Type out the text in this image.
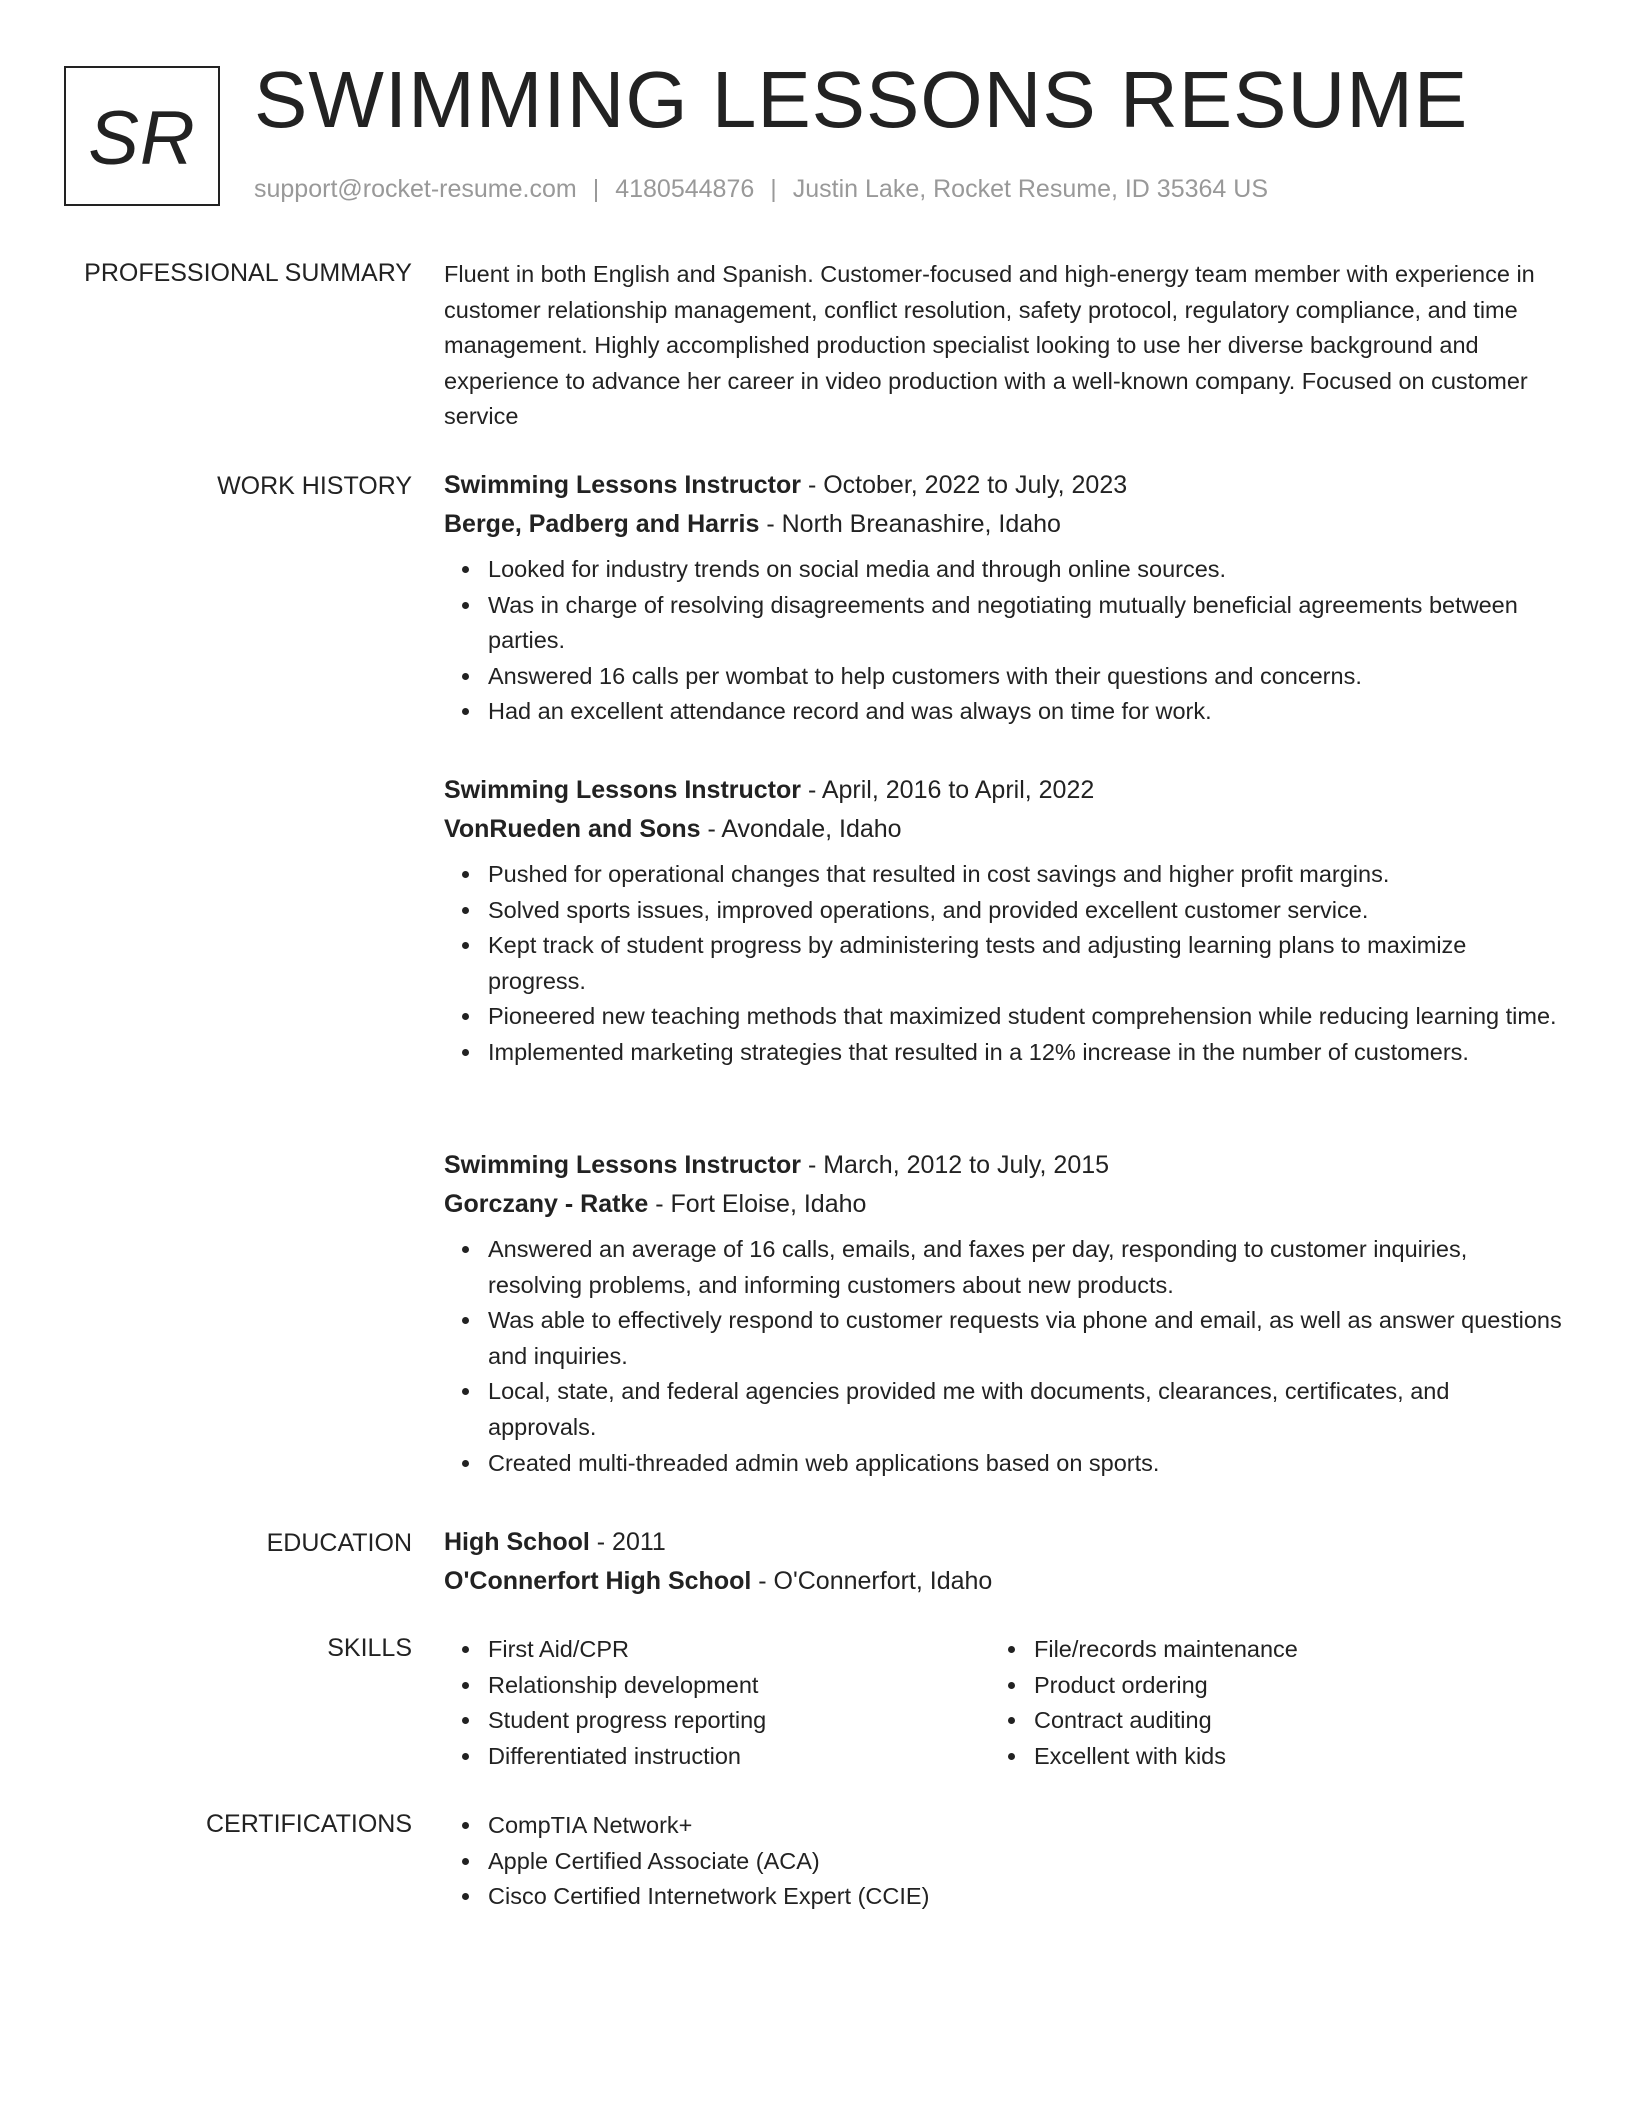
SR SWIMMING LESSONS RESUME
support@rocket-resume.com | 4180544876 | Justin Lake, Rocket Resume, ID 35364 US
PROFESSIONAL SUMMARY Fluent in both English and Spanish. Customer-focused and high-energy team member with experience in customer relationship management, conflict resolution, safety protocol, regulatory compliance, and time management. Highly accomplished production specialist looking to use her diverse background and experience to advance her career in video production with a well-known company. Focused on customer service
WORK HISTORY Swimming Lessons Instructor - October, 2022 to July, 2023
Berge, Padberg and Harris - North Breanashire, Idaho
Looked for industry trends on social media and through online sources.
Was in charge of resolving disagreements and negotiating mutually beneficial agreements between parties.
Answered 16 calls per wombat to help customers with their questions and concerns.
Had an excellent attendance record and was always on time for work.
Swimming Lessons Instructor - April, 2016 to April, 2022
VonRueden and Sons - Avondale, Idaho
Pushed for operational changes that resulted in cost savings and higher profit margins.
Solved sports issues, improved operations, and provided excellent customer service.
Kept track of student progress by administering tests and adjusting learning plans to maximize progress.
Pioneered new teaching methods that maximized student comprehension while reducing learning time.
Implemented marketing strategies that resulted in a 12% increase in the number of customers.
Swimming Lessons Instructor - March, 2012 to July, 2015
Gorczany - Ratke - Fort Eloise, Idaho
Answered an average of 16 calls, emails, and faxes per day, responding to customer inquiries, resolving problems, and informing customers about new products.
Was able to effectively respond to customer requests via phone and email, as well as answer questions and inquiries.
Local, state, and federal agencies provided me with documents, clearances, certificates, and approvals.
Created multi-threaded admin web applications based on sports.
EDUCATION High School - 2011
O'Connerfort High School - O'Connerfort, Idaho
SKILLS	First Aid/CPR
Relationship development
Student progress reporting
Differentiated instruction
File/records maintenance
Product ordering
Contract auditing
Excellent with kids
CERTIFICATIONS	CompTIA Network+
Apple Certified Associate (ACA)
Cisco Certified Internetwork Expert (CCIE)
